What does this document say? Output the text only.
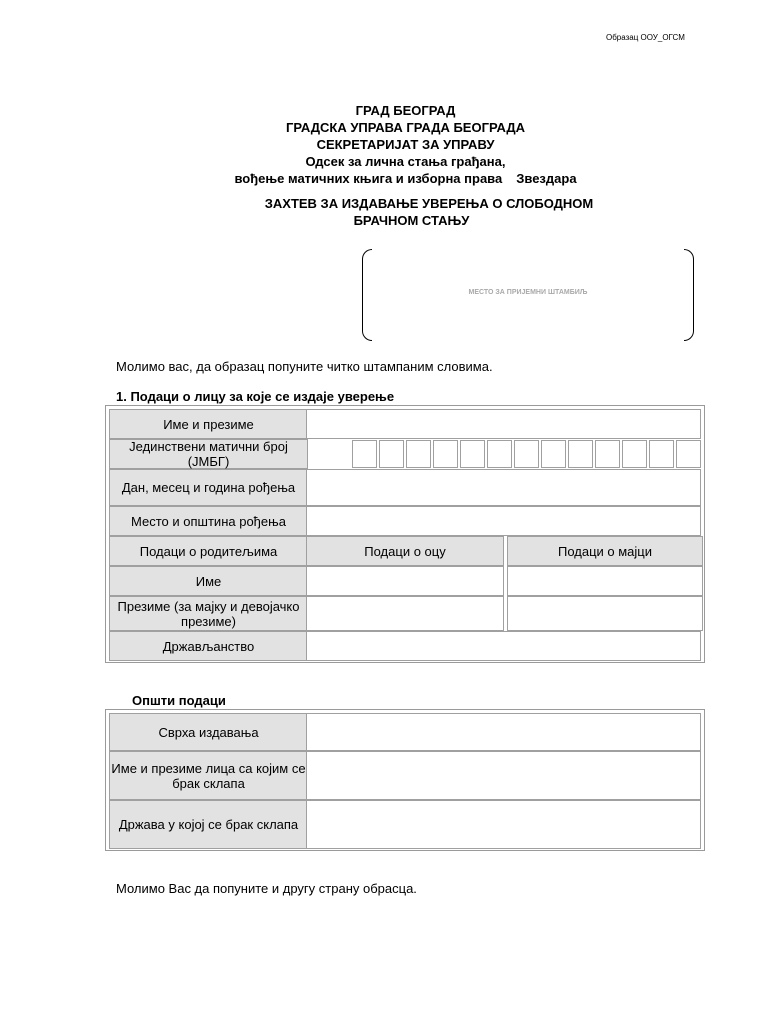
Образац ООУ_ОГСМ
ГРАД БЕОГРАД
ГРАДСКА УПРАВА ГРАДА БЕОГРАДА
СЕКРЕТАРИЈАТ ЗА УПРАВУ
Одсек за лична стања грађана,
вођење матичних књига и изборна права Звездара
ЗАХТЕВ ЗА ИЗДАВАЊЕ УВЕРЕЊА О СЛОБОДНОМ
БРАЧНОМ СТАЊУ
МЕСТО ЗА ПРИЈЕМНИ ШТАМБИЉ
Молимо вас, да образац попуните читко штампаним словима.
1. Подаци о лицу за које се издаје уверење
Име и презиме
Јединствени матични број (ЈМБГ)
Дан, месец и година рођења
Место и општина рођења
Подаци о родитељима	Подаци о оцу	Подаци о мајци
Име
Презиме (за мајку и девојачко презиме)
Држављанство
Општи подаци
Сврха издавања
Име и презиме лица са којим се брак склапа
Држава у којој се брак склапа
Молимо Вас да попуните и другу страну обрасца.
